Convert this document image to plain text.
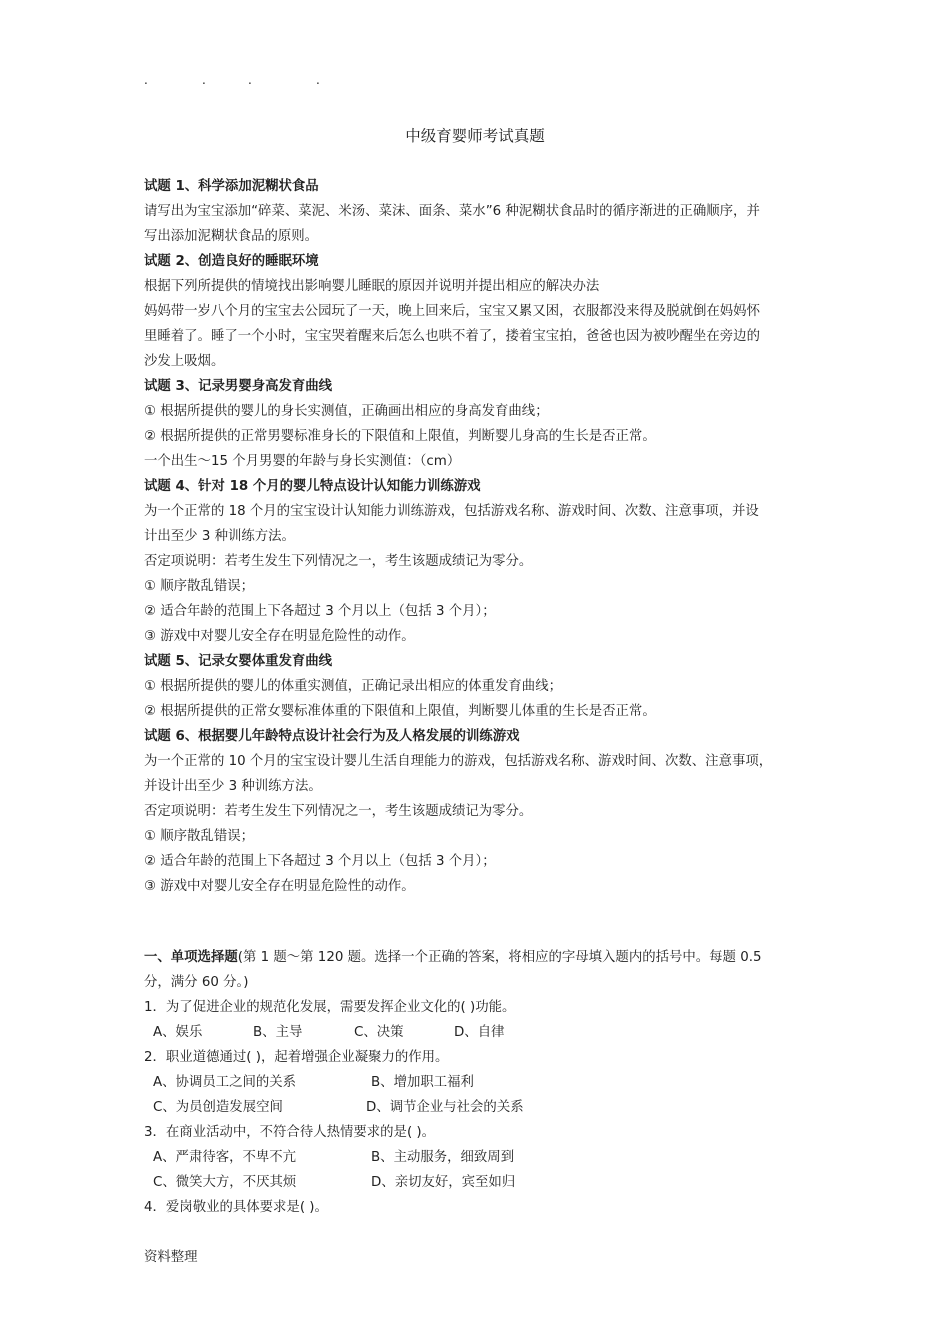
.	.	.	.
中级育婴师考试真题
试题 1、科学添加泥糊状食品
请写出为宝宝添加“碎菜、菜泥、米汤、菜沫、面条、菜水”6 种泥糊状食品时的循序渐进的正确顺序，并
写出添加泥糊状食品的原则。
试题 2、创造良好的睡眠环境
根据下列所提供的情境找出影响婴儿睡眠的原因并说明并提出相应的解决办法
妈妈带一岁八个月的宝宝去公园玩了一天，晚上回来后，宝宝又累又困，衣服都没来得及脱就倒在妈妈怀
里睡着了。睡了一个小时，宝宝哭着醒来后怎么也哄不着了，搂着宝宝拍，爸爸也因为被吵醒坐在旁边的
沙发上吸烟。
试题 3、记录男婴身高发育曲线
① 根据所提供的婴儿的身长实测值，正确画出相应的身高发育曲线；
② 根据所提供的正常男婴标准身长的下限值和上限值，判断婴儿身高的生长是否正常。
一个出生～15 个月男婴的年龄与身长实测值：（cm）
试题 4、针对 18 个月的婴儿特点设计认知能力训练游戏
为一个正常的 18 个月的宝宝设计认知能力训练游戏，包括游戏名称、游戏时间、次数、注意事项，并设
计出至少 3 种训练方法。
否定项说明：若考生发生下列情况之一，考生该题成绩记为零分。
① 顺序散乱错误；
② 适合年龄的范围上下各超过 3 个月以上（包括 3 个月）；
③ 游戏中对婴儿安全存在明显危险性的动作。
试题 5、记录女婴体重发育曲线
① 根据所提供的婴儿的体重实测值，正确记录出相应的体重发育曲线；
② 根据所提供的正常女婴标准体重的下限值和上限值，判断婴儿体重的生长是否正常。
试题 6、根据婴儿年龄特点设计社会行为及人格发展的训练游戏
为一个正常的 10 个月的宝宝设计婴儿生活自理能力的游戏，包括游戏名称、游戏时间、次数、注意事项，
并设计出至少 3 种训练方法。
否定项说明：若考生发生下列情况之一，考生该题成绩记为零分。
① 顺序散乱错误；
② 适合年龄的范围上下各超过 3 个月以上（包括 3 个月）；
③ 游戏中对婴儿安全存在明显危险性的动作。
一、单项选择题(第 1 题～第 120 题。选择一个正确的答案，将相应的字母填入题内的括号中。每题 0.5
分，满分 60 分。)
1．为了促进企业的规范化发展，需要发挥企业文化的( )功能。
A、娱乐	B、主导	C、决策	D、自律
2．职业道德通过( )，起着增强企业凝聚力的作用。
A、协调员工之间的关系	B、增加职工福利
C、为员创造发展空间	D、调节企业与社会的关系
3．在商业活动中，不符合待人热情要求的是( )。
A、严肃待客，不卑不亢	B、主动服务，细致周到
C、微笑大方，不厌其烦	D、亲切友好，宾至如归
4．爱岗敬业的具体要求是( )。
资料整理
